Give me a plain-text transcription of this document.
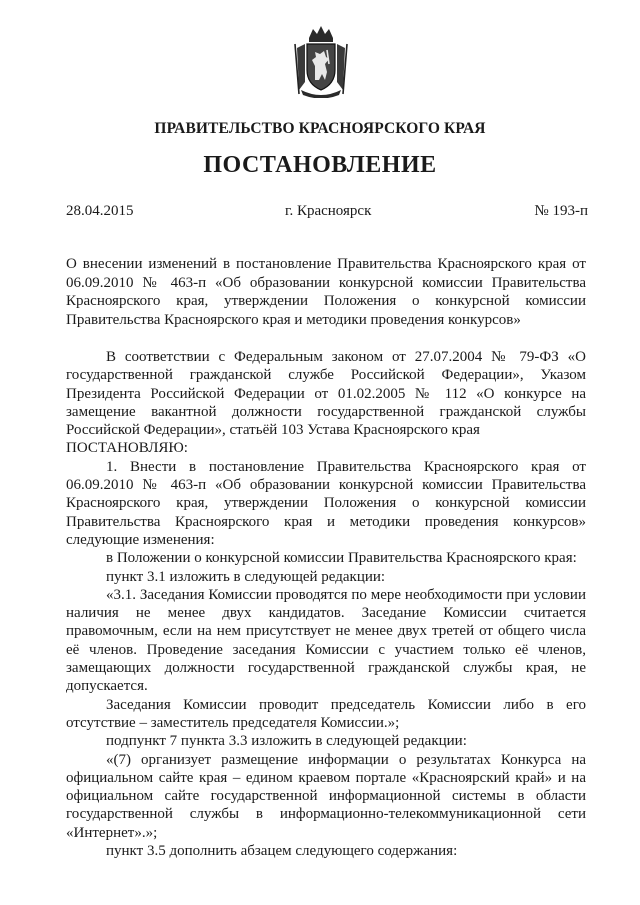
ПРАВИТЕЛЬСТВО КРАСНОЯРСКОГО КРАЯ
ПОСТАНОВЛЕНИЕ
28.04.2015	г. Красноярск	№ 193-п

О внесении изменений в постановление Правительства Красноярского края от 06.09.2010 № 463-п «Об образовании конкурсной комиссии Правительства Красноярского края, утверждении Положения о конкурсной комиссии Правительства Красноярского края и методики проведения конкурсов»

В соответствии с Федеральным законом от 27.07.2004 № 79-ФЗ «О государственной гражданской службе Российской Федерации», Указом Президента Российской Федерации от 01.02.2005 № 112 «О конкурсе на замещение вакантной должности государственной гражданской службы Российской Федерации», статьёй 103 Устава Красноярского края

ПОСТАНОВЛЯЮ:

1. Внести в постановление Правительства Красноярского края от 06.09.2010 № 463-п «Об образовании конкурсной комиссии Правительства Красноярского края, утверждении Положения о конкурсной комиссии Правительства Красноярского края и методики проведения конкурсов» следующие изменения:

в Положении о конкурсной комиссии Правительства Красноярского края:

пункт 3.1 изложить в следующей редакции:

«3.1. Заседания Комиссии проводятся по мере необходимости при условии наличия не менее двух кандидатов. Заседание Комиссии считается правомочным, если на нем присутствует не менее двух третей от общего числа её членов. Проведение заседания Комиссии с участием только её членов, замещающих должности государственной гражданской службы края, не допускается.

Заседания Комиссии проводит председатель Комиссии либо в его отсутствие – заместитель председателя Комиссии.»;

подпункт 7 пункта 3.3 изложить в следующей редакции:

«(7) организует размещение информации о результатах Конкурса на официальном сайте края – едином краевом портале «Красноярский край» и на официальном сайте государственной информационной системы в области государственной службы в информационно-телекоммуникационной сети «Интернет».»;

пункт 3.5 дополнить абзацем следующего содержания:
